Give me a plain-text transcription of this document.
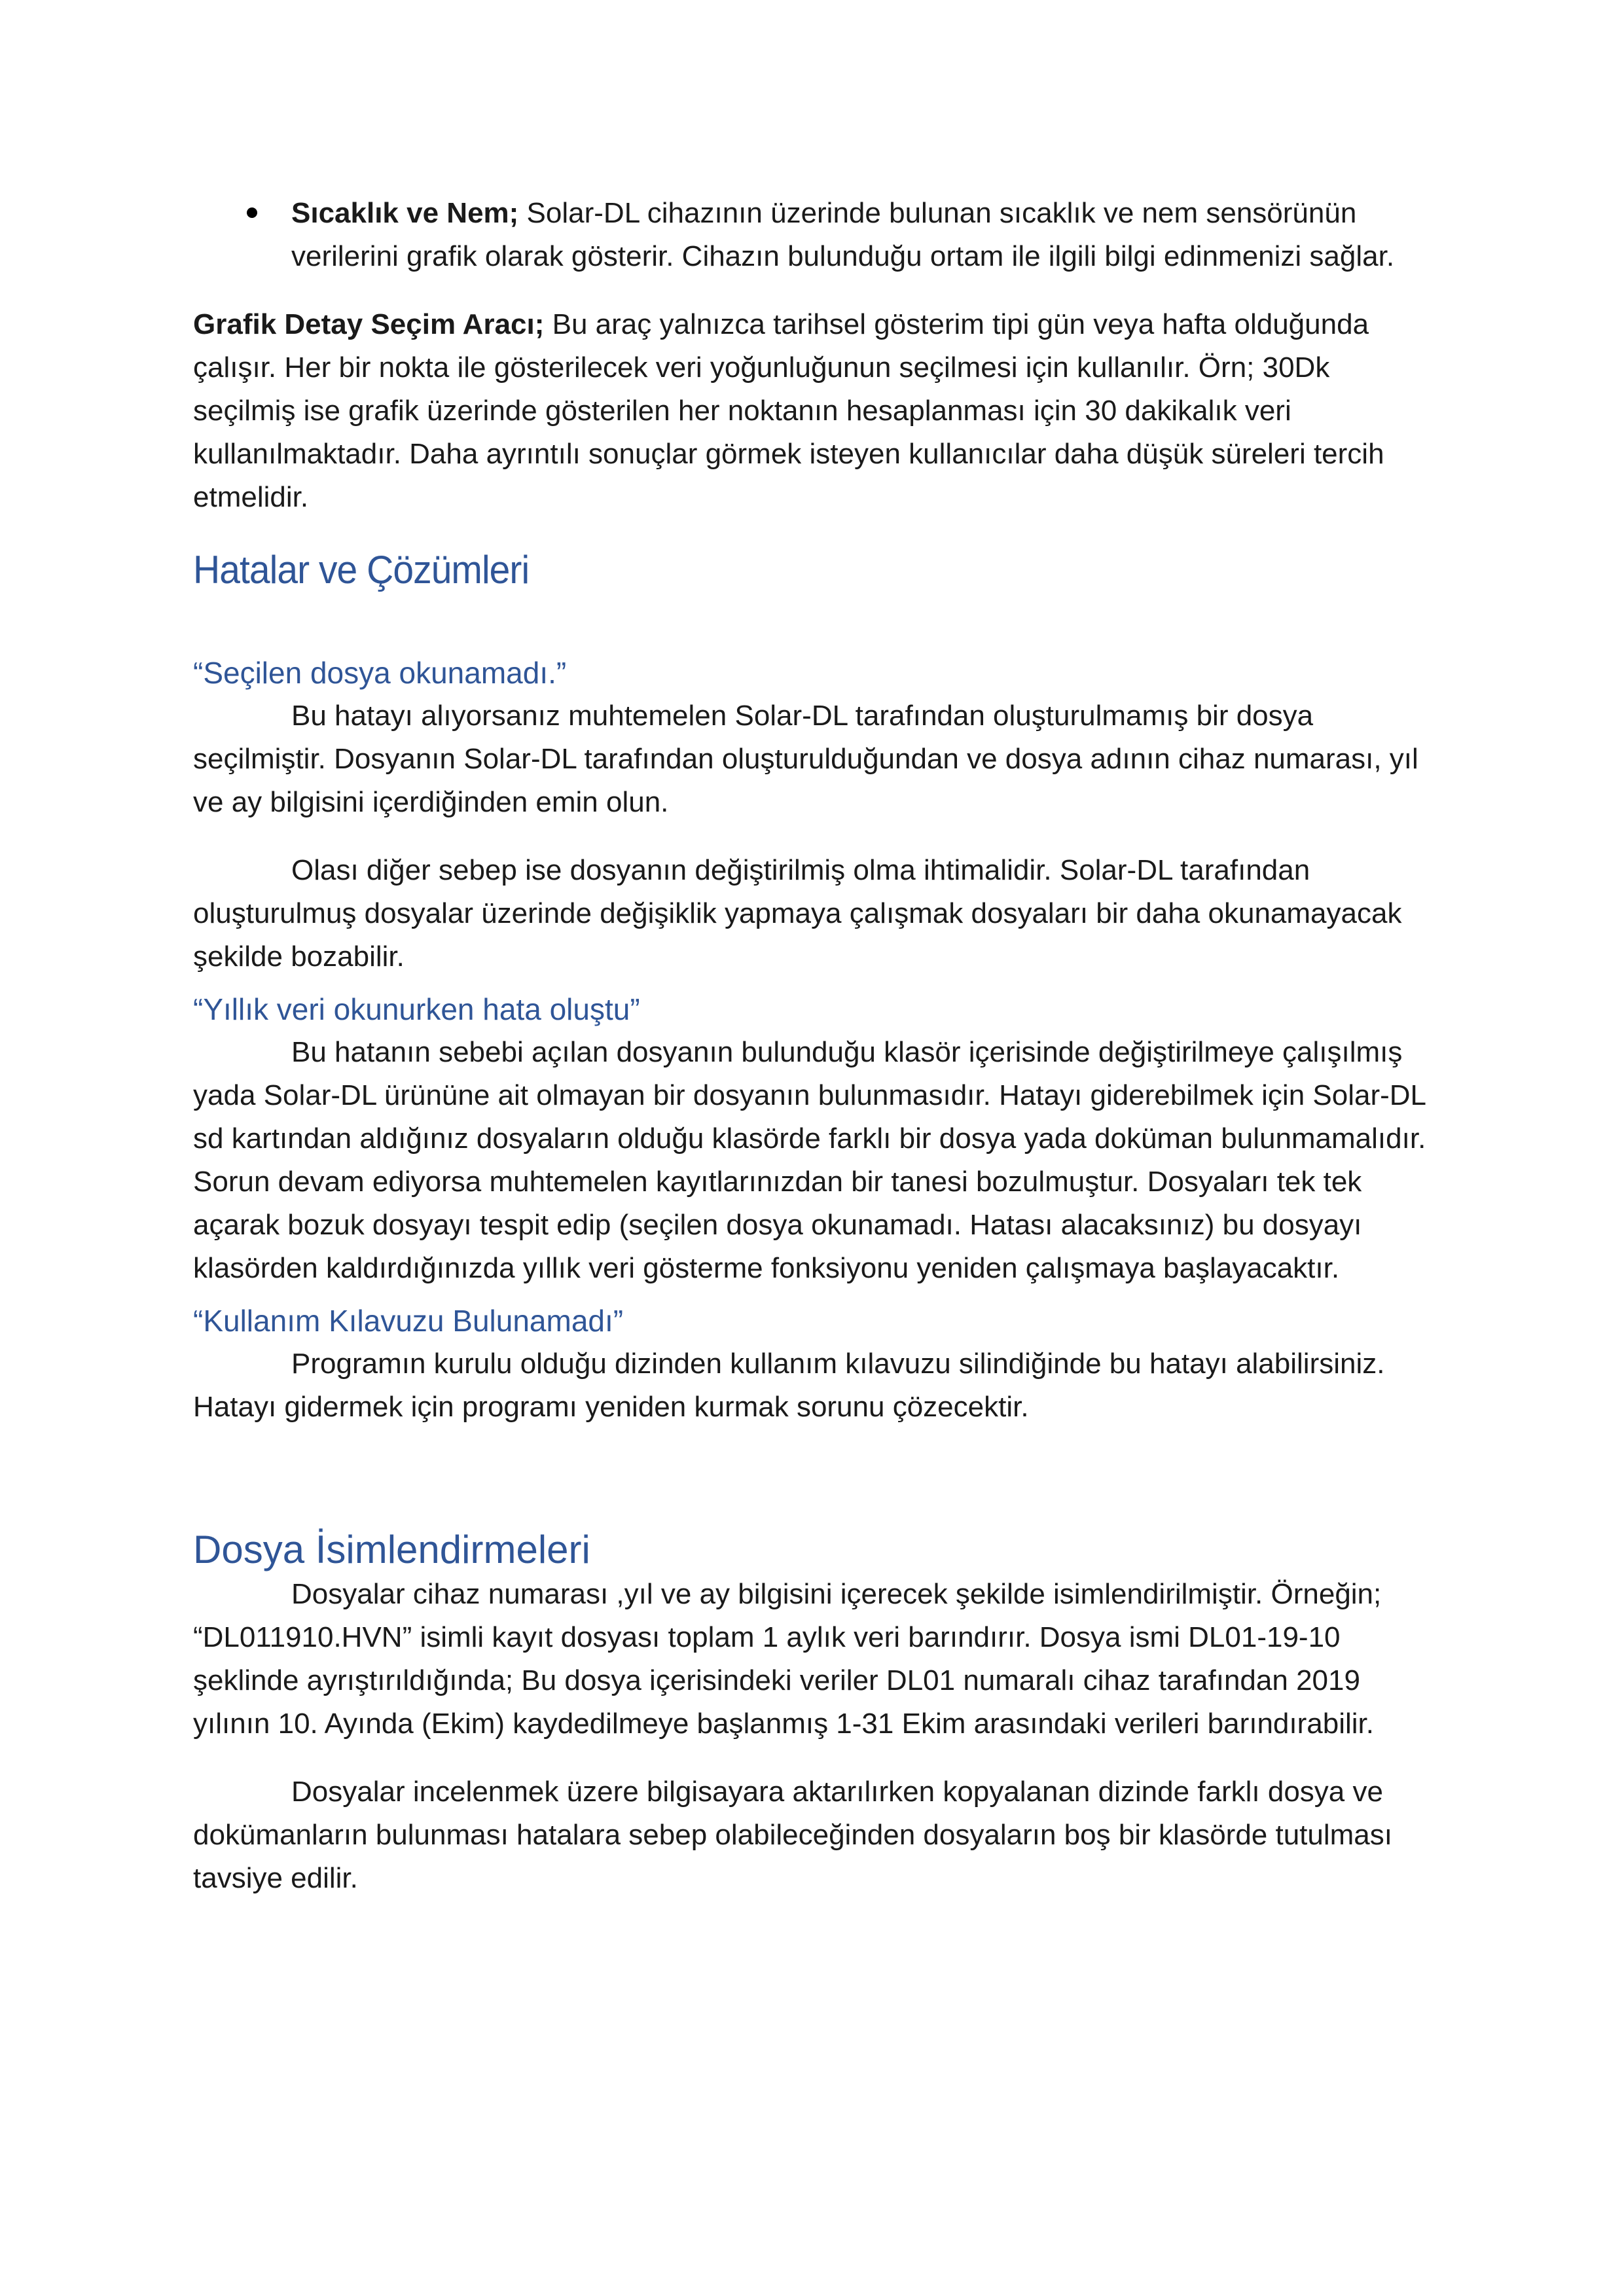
Sıcaklık ve Nem; Solar-DL cihazının üzerinde bulunan sıcaklık ve nem sensörünün verilerini grafik olarak gösterir. Cihazın bulunduğu ortam ile ilgili bilgi edinmenizi sağlar.

Grafik Detay Seçim Aracı; Bu araç yalnızca tarihsel gösterim tipi gün veya hafta olduğunda çalışır. Her bir nokta ile gösterilecek veri yoğunluğunun seçilmesi için kullanılır. Örn; 30Dk seçilmiş ise grafik üzerinde gösterilen her noktanın hesaplanması için 30 dakikalık veri kullanılmaktadır. Daha ayrıntılı sonuçlar görmek isteyen kullanıcılar daha düşük süreleri tercih etmelidir.

Hatalar ve Çözümleri
“Seçilen dosya okunamadı.”

Bu hatayı alıyorsanız muhtemelen Solar-DL tarafından oluşturulmamış bir dosya seçilmiştir. Dosyanın Solar-DL tarafından oluşturulduğundan ve dosya adının cihaz numarası, yıl ve ay bilgisini içerdiğinden emin olun.

Olası diğer sebep ise dosyanın değiştirilmiş olma ihtimalidir. Solar-DL tarafından oluşturulmuş dosyalar üzerinde değişiklik yapmaya çalışmak dosyaları bir daha okunamayacak şekilde bozabilir.

“Yıllık veri okunurken hata oluştu”

Bu hatanın sebebi açılan dosyanın bulunduğu klasör içerisinde değiştirilmeye çalışılmış yada Solar-DL ürününe ait olmayan bir dosyanın bulunmasıdır. Hatayı giderebilmek için Solar-DL sd kartından aldığınız dosyaların olduğu klasörde farklı bir dosya yada doküman bulunmamalıdır. Sorun devam ediyorsa muhtemelen kayıtlarınızdan bir tanesi bozulmuştur. Dosyaları tek tek açarak bozuk dosyayı tespit edip (seçilen dosya okunamadı. Hatası alacaksınız) bu dosyayı klasörden kaldırdığınızda yıllık veri gösterme fonksiyonu yeniden çalışmaya başlayacaktır.

“Kullanım Kılavuzu Bulunamadı”

Programın kurulu olduğu dizinden kullanım kılavuzu silindiğinde bu hatayı alabilirsiniz. Hatayı gidermek için programı yeniden kurmak sorunu çözecektir.

Dosya İsimlendirmeleri

Dosyalar cihaz numarası ,yıl ve ay bilgisini içerecek şekilde isimlendirilmiştir. Örneğin; “DL011910.HVN” isimli kayıt dosyası toplam 1 aylık veri barındırır. Dosya ismi DL01-19-10 şeklinde ayrıştırıldığında; Bu dosya içerisindeki veriler DL01 numaralı cihaz tarafından 2019 yılının 10. Ayında (Ekim) kaydedilmeye başlanmış 1-31 Ekim arasındaki verileri barındırabilir.

Dosyalar incelenmek üzere bilgisayara aktarılırken kopyalanan dizinde farklı dosya ve dokümanların bulunması hatalara sebep olabileceğinden dosyaların boş bir klasörde tutulması tavsiye edilir.
